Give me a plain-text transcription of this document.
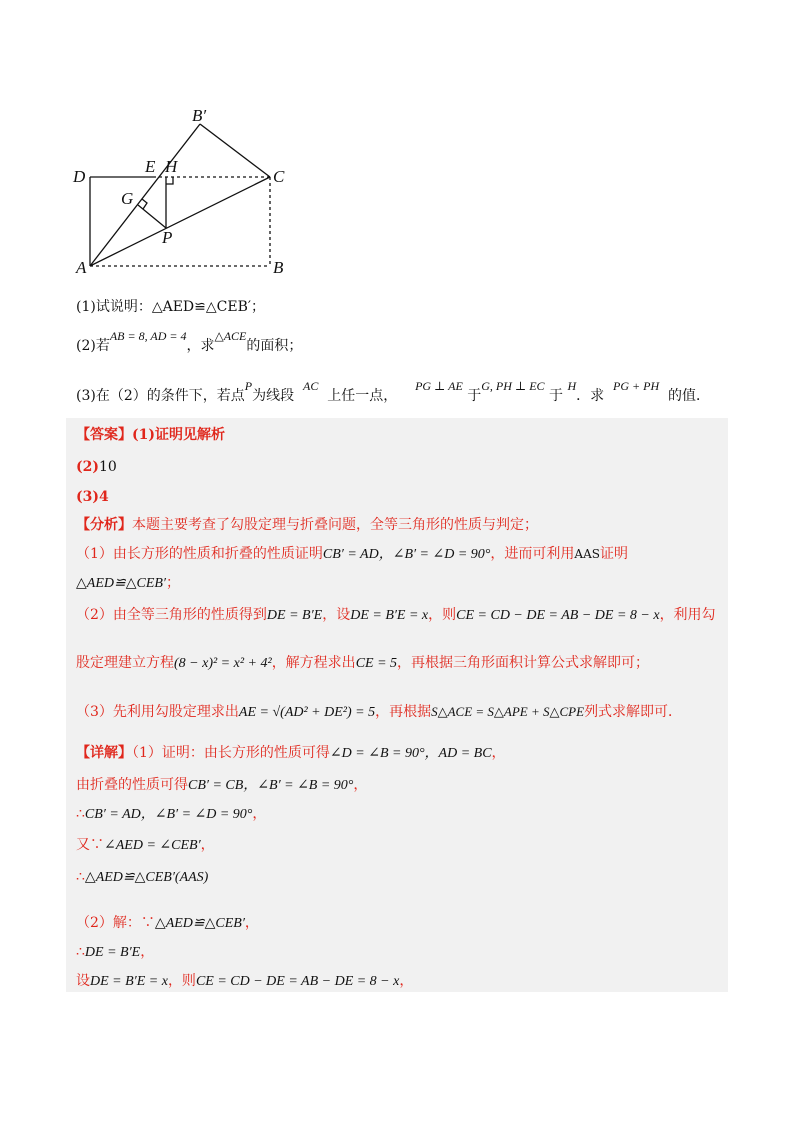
B′
D
E H
C
G
P
A	B
(1)试说明：△AED≌△CEB′；
(2)若AB = 8, AD = 4，求△ACE的面积；
(3)在（2）的条件下，若点P为线段  AC  上任一点，    PG ⊥ AE 于G, PH ⊥ EC 于 H．求  PG + PH  的值．
【答案】(1)证明见解析
(2)10
(3)4
【分析】本题主要考查了勾股定理与折叠问题，全等三角形的性质与判定；
（1）由长方形的性质和折叠的性质证明CB′ = AD，∠B′ = ∠D = 90°，进而可利用AAS证明
△AED≌△CEB′；
（2）由全等三角形的性质得到DE = B′E，设DE = B′E = x，则CE = CD − DE = AB − DE = 8 − x，利用勾
股定理建立方程(8 − x)² = x² + 4²，解方程求出CE = 5，再根据三角形面积计算公式求解即可；
（3）先利用勾股定理求出AE = √(AD² + DE²) = 5，再根据S△ACE = S△APE + S△CPE列式求解即可．
【详解】（1）证明：由长方形的性质可得∠D = ∠B = 90°，AD = BC，
由折叠的性质可得CB′ = CB，∠B′ = ∠B = 90°，
∴CB′ = AD，∠B′ = ∠D = 90°，
又∵∠AED = ∠CEB′，
∴△AED≌△CEB′(AAS)
（2）解：∵△AED≌△CEB′，
∴DE = B′E，
设DE = B′E = x，则CE = CD − DE = AB − DE = 8 − x，
